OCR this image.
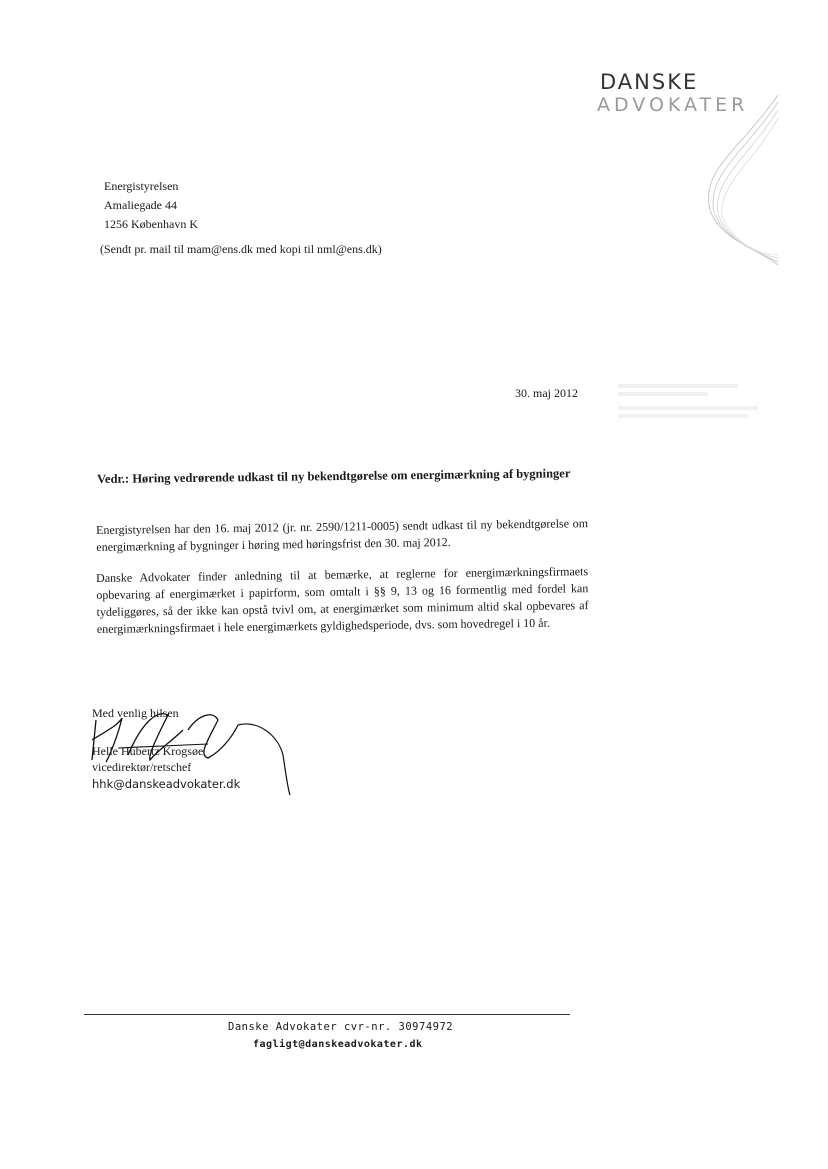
DANSKE
ADVOKATER
Energistyrelsen
Amaliegade 44
1256 København K
(Sendt pr. mail til mam@ens.dk med kopi til nml@ens.dk)
30. maj 2012
Vedr.: Høring vedrørende udkast til ny bekendtgørelse om energimærkning af bygninger
Energistyrelsen har den 16. maj 2012 (jr. nr. 2590/1211-0005) sendt udkast til ny bekendtgørelse om energimærkning af bygninger i høring med høringsfrist den 30. maj 2012.
Danske Advokater finder anledning til at bemærke, at reglerne for energimærkningsfirmaets opbevaring af energimærket i papirform, som omtalt i §§ 9, 13 og 16 formentlig med fordel kan tydeliggøres, så der ikke kan opstå tvivl om, at energimærket som minimum altid skal opbevares af energimærkningsfirmaet i hele energimærkets gyldighedsperiode, dvs. som hovedregel i 10 år.
Med venlig hilsen
Helle Hubertz Krogsøe
vicedirektør/retschef
hhk@danskeadvokater.dk
Danske Advokater cvr-nr. 30974972
fagligt@danskeadvokater.dk
